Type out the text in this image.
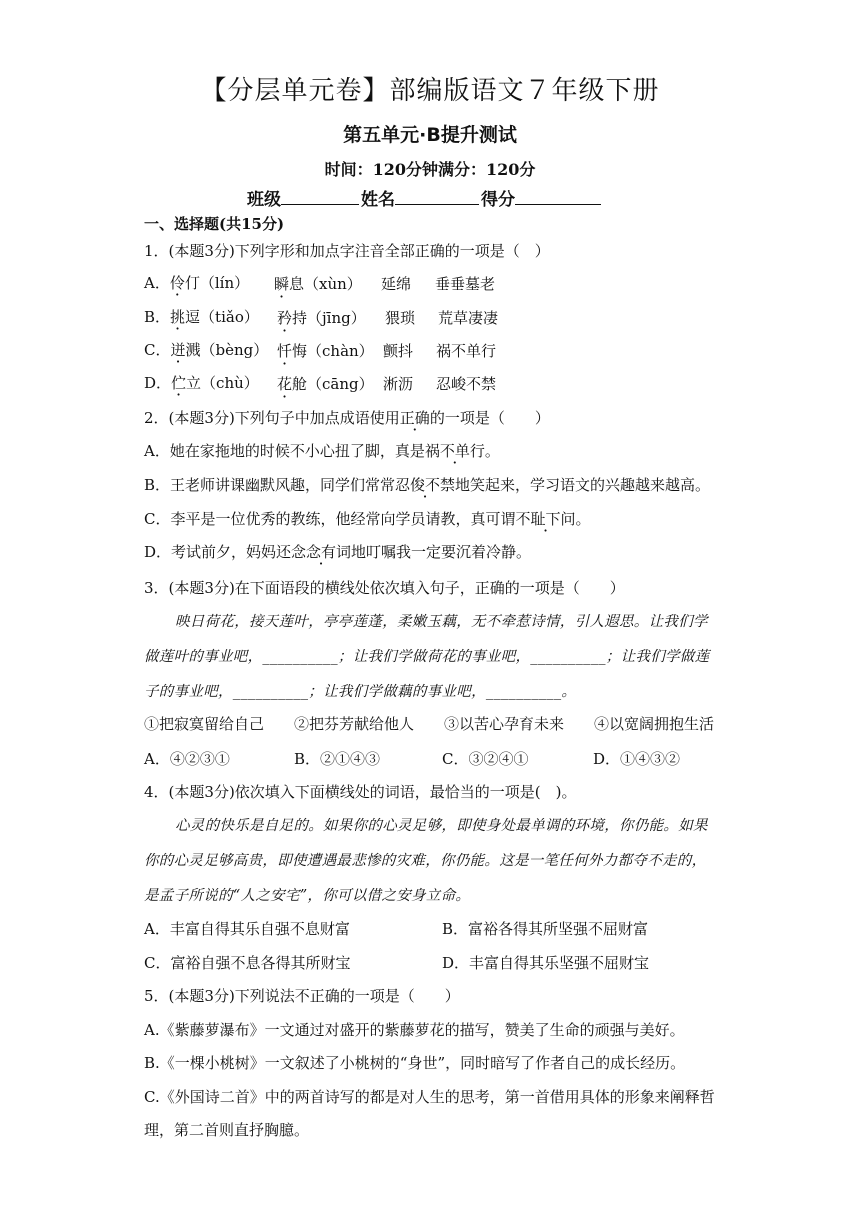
【分层单元卷】部编版语文７年级下册
第五单元·B提升测试
时间：120分钟满分：120分
班级	姓名	得分
一、选择题(共15分)
1．(本题3分)下列字形和加点字注音全部正确的一项是（　）
A．伶仃（lín） 瞬息（xùn） 延绵 垂垂墓老
B．挑逗（tiǎo） 矜持（jīng） 猥琐 荒草凄凄
C．迸溅（bèng） 忏悔（chàn） 颤抖 祸不单行
D．伫立（chù） 花舱（cāng） 淅沥 忍峻不禁
2．(本题3分)下列句子中加点成语使用正确的一项是（　　）
A．她在家拖地的时候不小心扭了脚，真是祸不单行。
B．王老师讲课幽默风趣，同学们常常忍俊不禁地笑起来，学习语文的兴趣越来越高。
C．李平是一位优秀的教练，他经常向学员请教，真可谓不耻下问。
D．考试前夕，妈妈还念念有词地叮嘱我一定要沉着冷静。
3．(本题3分)在下面语段的横线处依次填入句子，正确的一项是（　　）
映日荷花，接天莲叶，亭亭莲蓬，柔嫩玉藕，无不牵惹诗情，引人遐思。让我们学
做莲叶的事业吧，__________；让我们学做荷花的事业吧，__________；让我们学做莲
子的事业吧，__________；让我们学做藕的事业吧，__________。
①把寂寞留给自己　　②把芬芳献给他人　　③以苦心孕育未来　　④以宽阔拥抱生活
A．④②③①	B．②①④③	C．③②④①	D．①④③②
4．(本题3分)依次填入下面横线处的词语，最恰当的一项是(　)。
心灵的快乐是自足的。如果你的心灵足够，即使身处最单调的环境，你仍能。如果
你的心灵足够高贵，即使遭遇最悲惨的灾难，你仍能。这是一笔任何外力都夺不走的，
是孟子所说的“人之安宅”，你可以借之安身立命。
A．丰富自得其乐自强不息财富	B．富裕各得其所坚强不屈财富
C．富裕自强不息各得其所财宝	D．丰富自得其乐坚强不屈财宝
5．(本题3分)下列说法不正确的一项是（　　）
A.《紫藤萝瀑布》一文通过对盛开的紫藤萝花的描写，赞美了生命的顽强与美好。
B.《一棵小桃树》一文叙述了小桃树的“身世”，同时暗写了作者自己的成长经历。
C.《外国诗二首》中的两首诗写的都是对人生的思考，第一首借用具体的形象来阐释哲
理，第二首则直抒胸臆。
